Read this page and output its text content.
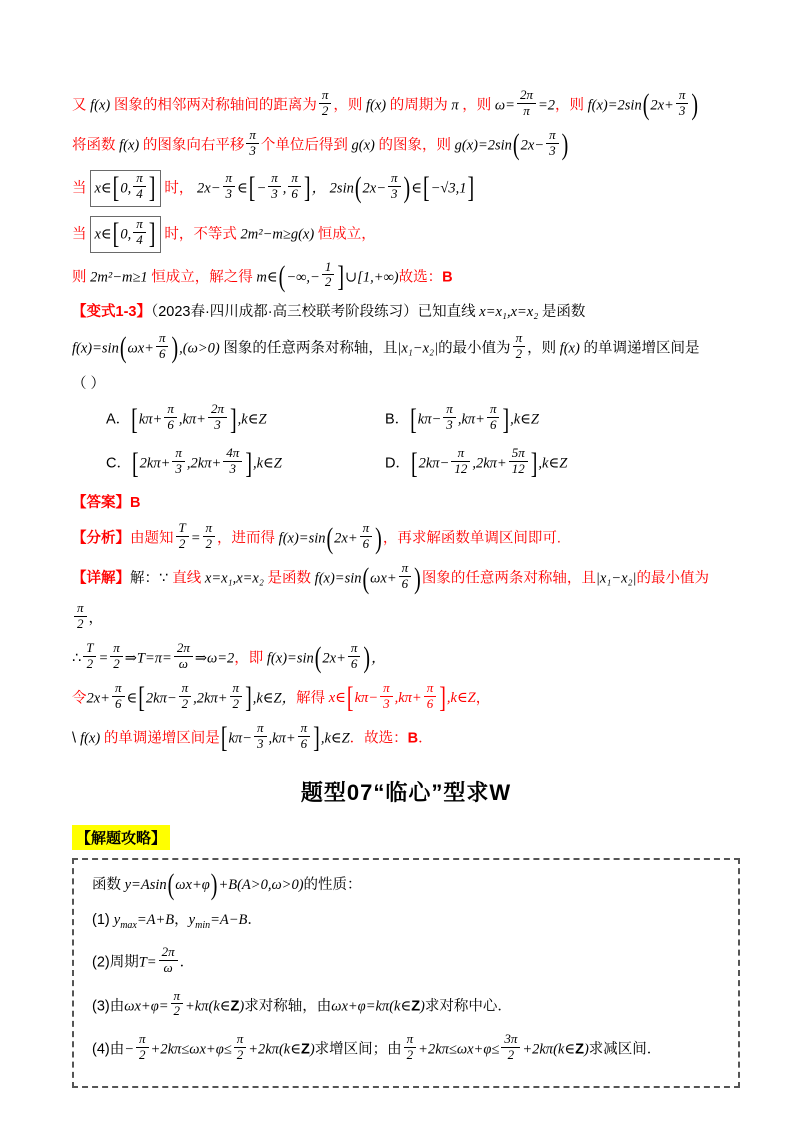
又 f(x) 图象的相邻两对称轴间的距离为 $\frac{\pi}{2}$ ，则 f(x) 的周期为 π ，则 $\omega= \frac{2\pi}{\pi} =2$，则 $f(x)=2\sin(2x+ \frac{\pi}{3}$ )
将函数 f(x) 的图象向右平移 $\frac{\pi}{3}$ 个单位后得到 g(x) 的图象，则 $g(x)=2\sin(2x- \frac{\pi}{3}$ )
当 x∈[0, $\frac{\pi}{4}$ ] 时， $2x- \frac{\pi}{3}$ ∈[− $\frac{\pi}{3}$ , $\frac{\pi}{6}$ ]， $2\sin(2x- \frac{\pi}{3}$ )∈[−√3,1]
当 x∈[0, $\frac{\pi}{4}$ ] 时，不等式 2m²−m≥g(x) 恒成立，
则 2m²−m≥1 恒成立，解之得 m∈(−∞,− $\frac{1}{2}$ ]∪[1,+∞)故选：B
【变式1-3】（2023春·四川成都·高三校联考阶段练习）已知直线 x=x₁,x=x₂ 是函数
$f(x)=\sin(\omega x+ \frac{\pi}{6} ),(\omega>0)$ 图象的任意两条对称轴，且|x₁−x₂|的最小值为 $\frac{\pi}{2}$ ，则 f(x) 的单调递增区间是
（ ）
A．[$k\pi+ \frac{\pi}{6} ,k\pi+ \frac{2\pi}{3}$ ],k∈Z	B．[$k\pi- \frac{\pi}{3} ,k\pi+ \frac{\pi}{6}$ ],k∈Z
C．[$2k\pi+ \frac{\pi}{3} ,2k\pi+ \frac{4\pi}{3}$ ],k∈Z	D．[$2k\pi- \frac{\pi}{12} ,2k\pi+ \frac{5\pi}{12}$ ],k∈Z
【答案】B
【分析】由题知 $\frac{T}{2} = \frac{\pi}{2}$ ，进而得 $f(x)=\sin(2x+ \frac{\pi}{6}$ )，再求解函数单调区间即可.
【详解】解：∵ 直线 x=x₁,x=x₂ 是函数 $f(x)=\sin(\omega x+ \frac{\pi}{6}$ )图象的任意两条对称轴，且|x₁−x₂|的最小值为
$\frac{\pi}{2}$ ，
∴ $\frac{T}{2} = \frac{\pi}{2}$ ⇒T=π= $\frac{2\pi}{\omega}$ ⇒ω=2，即 $f(x)=\sin(2x+ \frac{\pi}{6}$ )，
令$2x+ \frac{\pi}{6}$ ∈[2kπ− $\frac{\pi}{2} ,2k\pi+ \frac{\pi}{2}$ ],k∈Z，解得 x∈[kπ− $\frac{\pi}{3} ,k\pi+ \frac{\pi}{6}$ ],k∈Z，
\ f(x) 的单调递增区间是[$k\pi- \frac{\pi}{3} ,k\pi+ \frac{\pi}{6}$ ],k∈Z．故选：B．
题型07“临心”型求W
【解题攻略】
函数 y=Asin(ωx+φ)+B(A>0,ω>0)的性质：
(1) $y_{max}=A+B$，$y_{min}=A-B$．
(2)周期$T= \frac{2\pi}{\omega}$ ．
(3)由$\omega x+\varphi= \frac{\pi}{2}$ +kπ(k∈Z)求对称轴，由ωx+φ=kπ(k∈Z)求对称中心．
(4)由− $\frac{\pi}{2} +2k\pi\le\omega x+\varphi\le \frac{\pi}{2}$ +2kπ(k∈Z)求增区间；由 $\frac{\pi}{2} +2k\pi\le\omega x+\varphi\le \frac{3\pi}{2}$ +2kπ(k∈Z)求减区间．
